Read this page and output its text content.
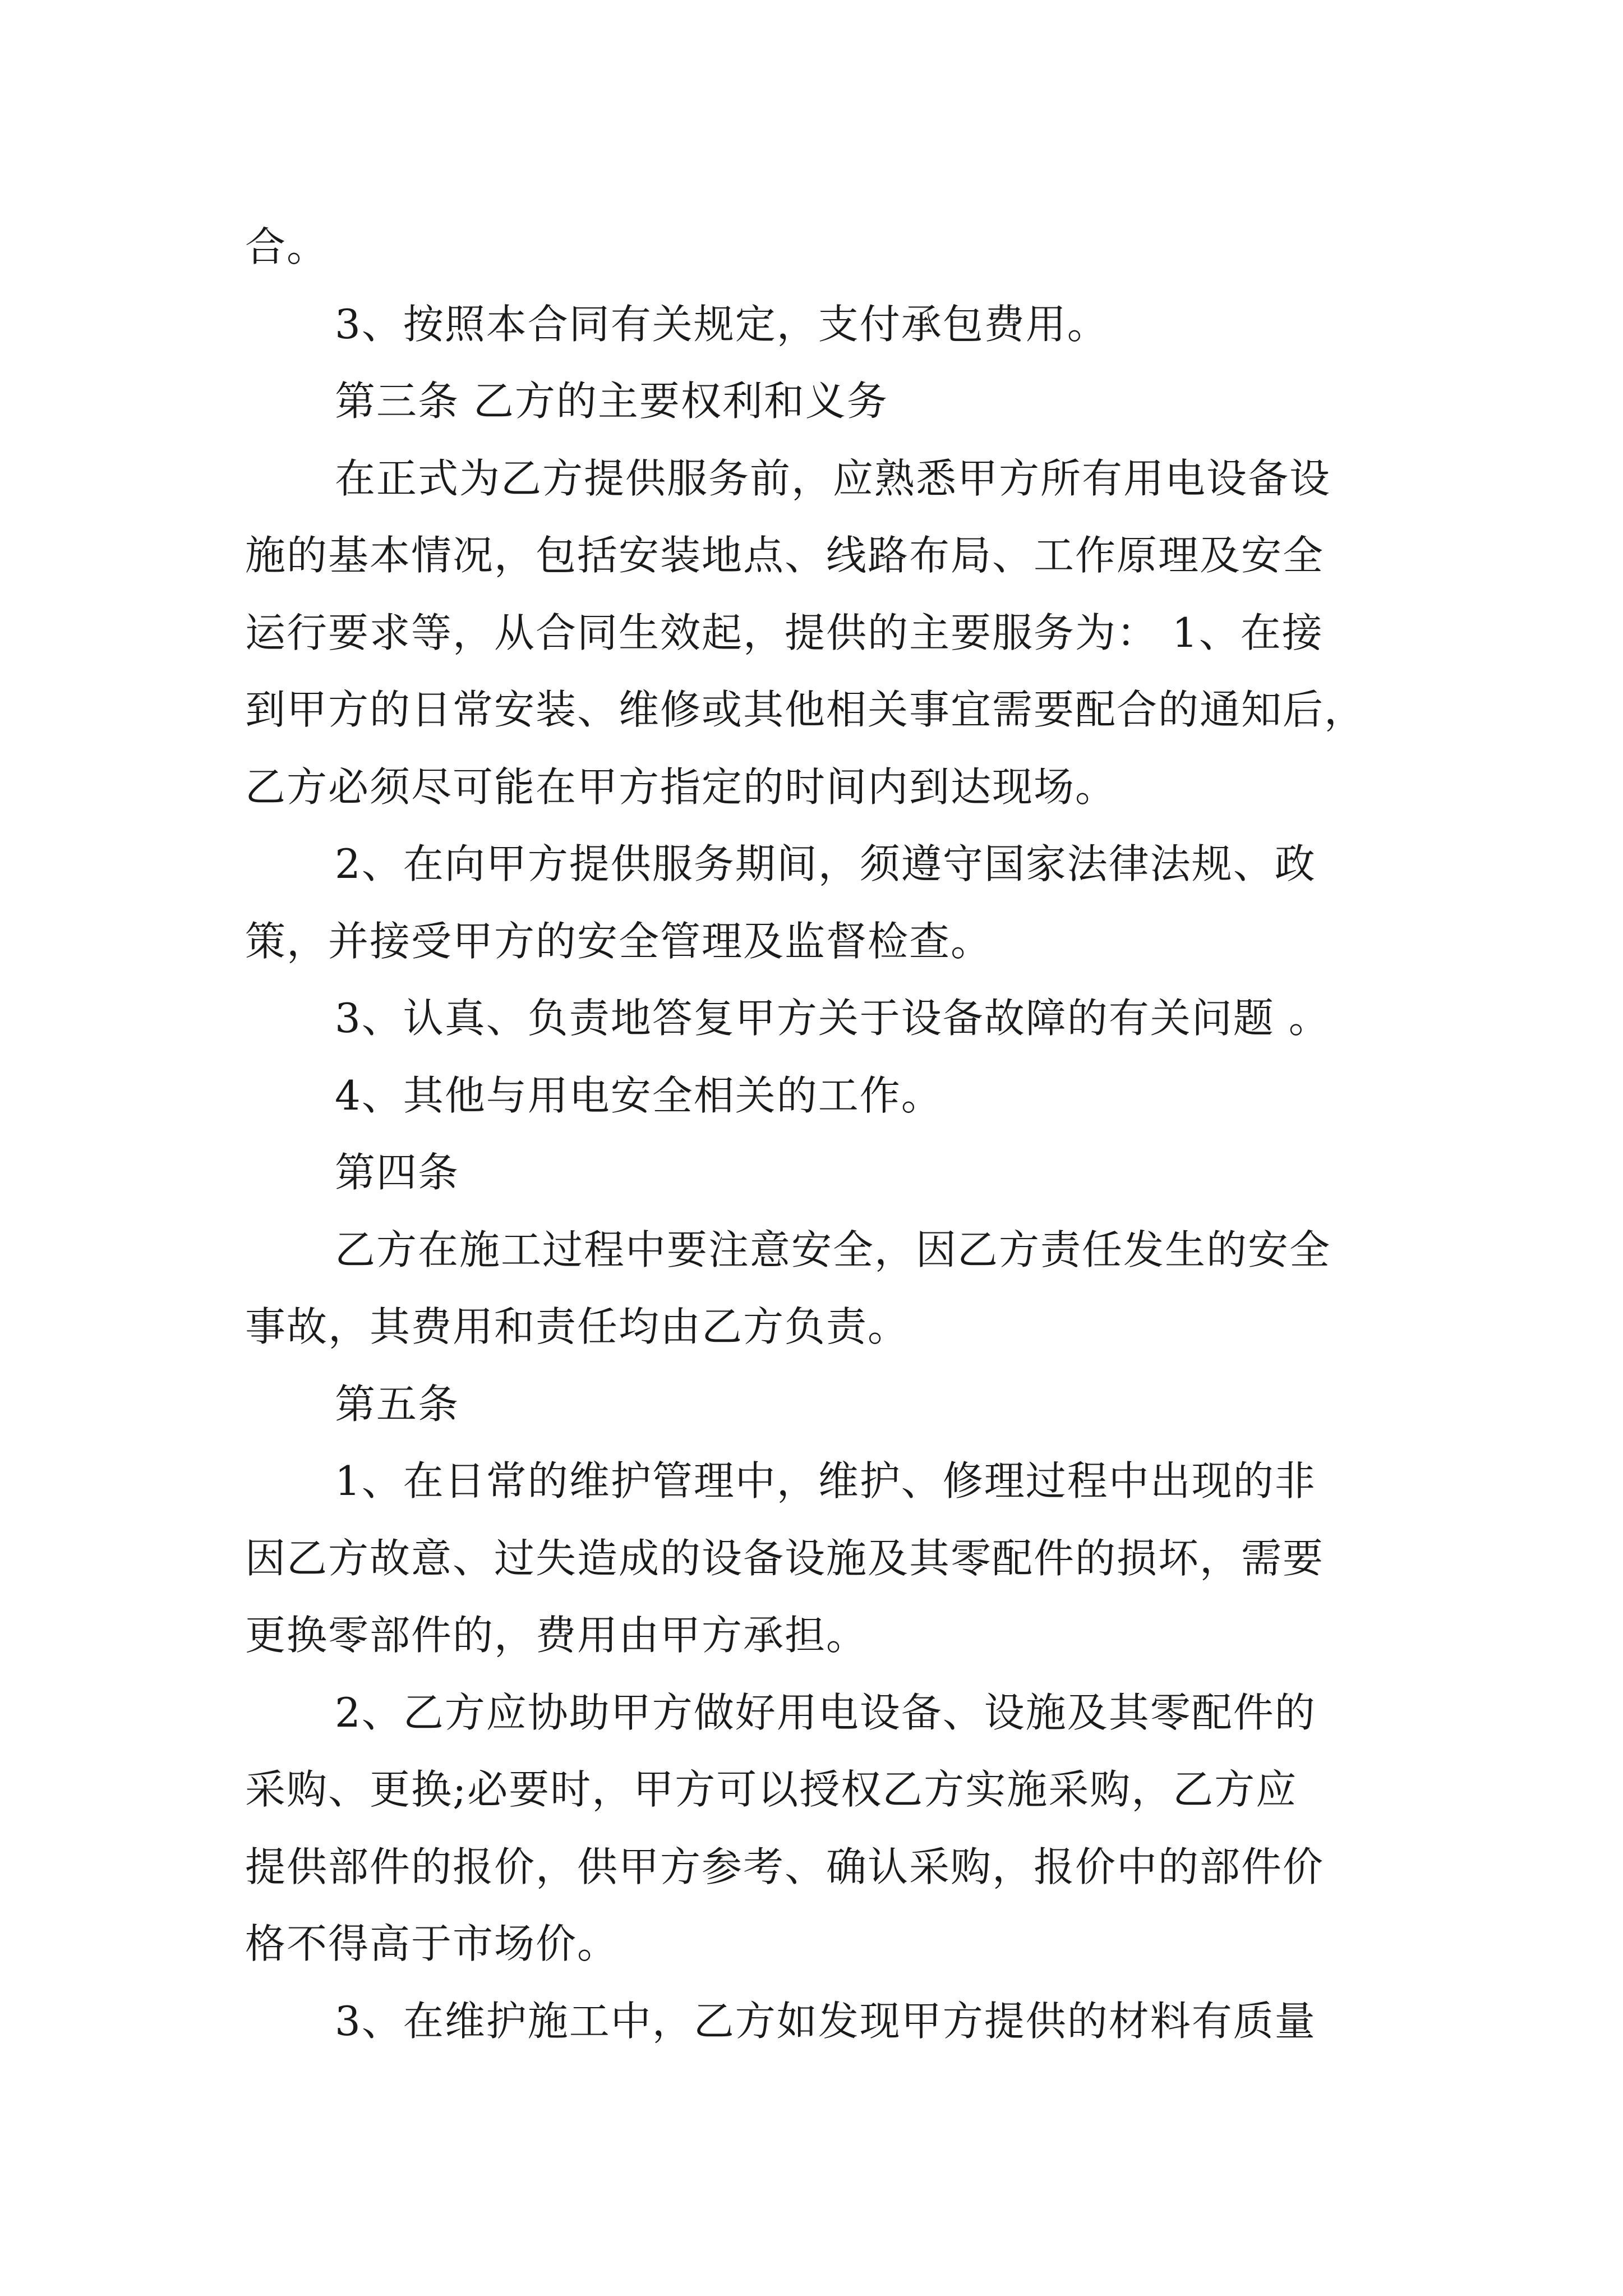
合。
3、按照本合同有关规定，支付承包费用。
第三条 乙方的主要权利和义务
在正式为乙方提供服务前，应熟悉甲方所有用电设备设
施的基本情况，包括安装地点、线路布局、工作原理及安全
运行要求等，从合同生效起，提供的主要服务为： 1、在接
到甲方的日常安装、维修或其他相关事宜需要配合的通知后，
乙方必须尽可能在甲方指定的时间内到达现场。
2、在向甲方提供服务期间，须遵守国家法律法规、政
策，并接受甲方的安全管理及监督检查。
3、认真、负责地答复甲方关于设备故障的有关问题 。
4、其他与用电安全相关的工作。
第四条
乙方在施工过程中要注意安全，因乙方责任发生的安全
事故，其费用和责任均由乙方负责。
第五条
1、在日常的维护管理中，维护、修理过程中出现的非
因乙方故意、过失造成的设备设施及其零配件的损坏，需要
更换零部件的，费用由甲方承担。
2、乙方应协助甲方做好用电设备、设施及其零配件的
采购、更换;必要时，甲方可以授权乙方实施采购，乙方应
提供部件的报价，供甲方参考、确认采购，报价中的部件价
格不得高于市场价。
3、在维护施工中，乙方如发现甲方提供的材料有质量
